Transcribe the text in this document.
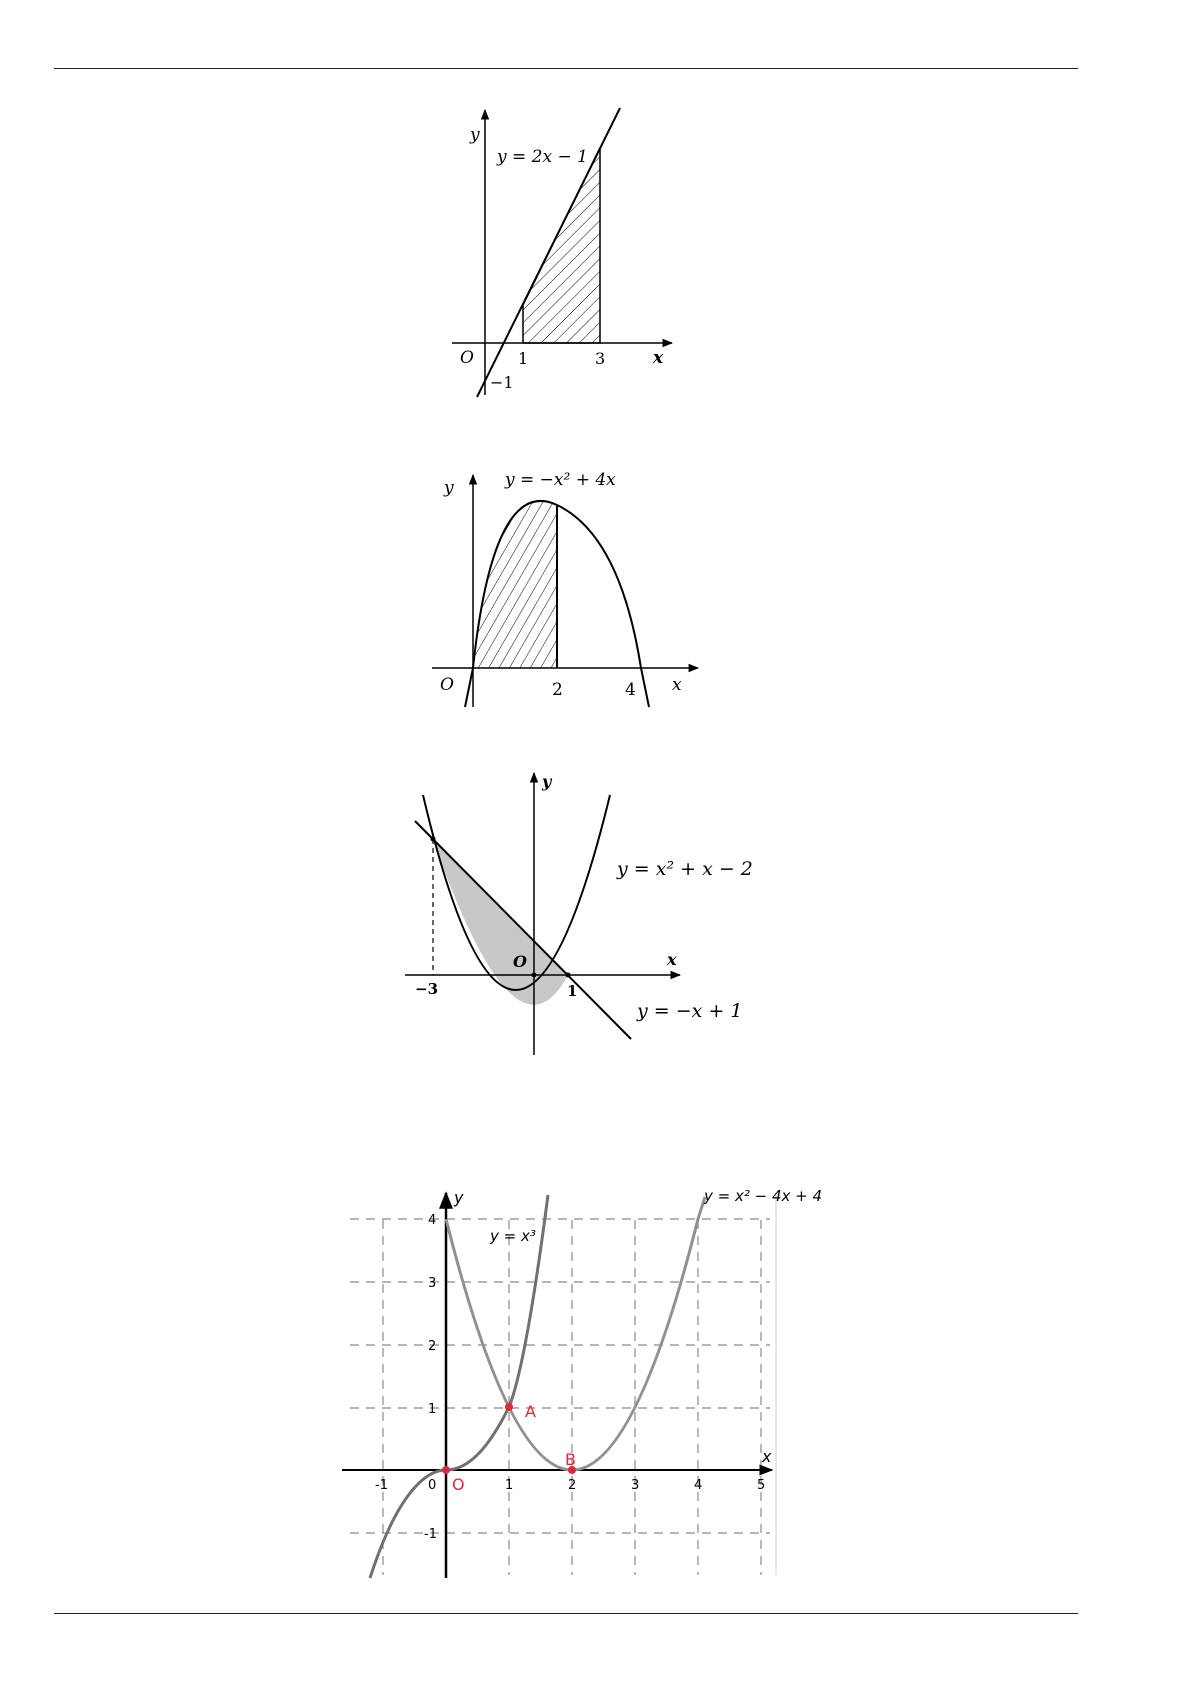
y = 2x − 1
y
x
O	1	3
−1
y = −x² + 4x
y
x
O	2	4
y = x² + x − 2
y = −x + 1
y
x
O
−3	1
-1	0	1	2	3	4	5
4
3
2
1
-1
x
y
y = x³
y = x² − 4x + 4
A
B
O
